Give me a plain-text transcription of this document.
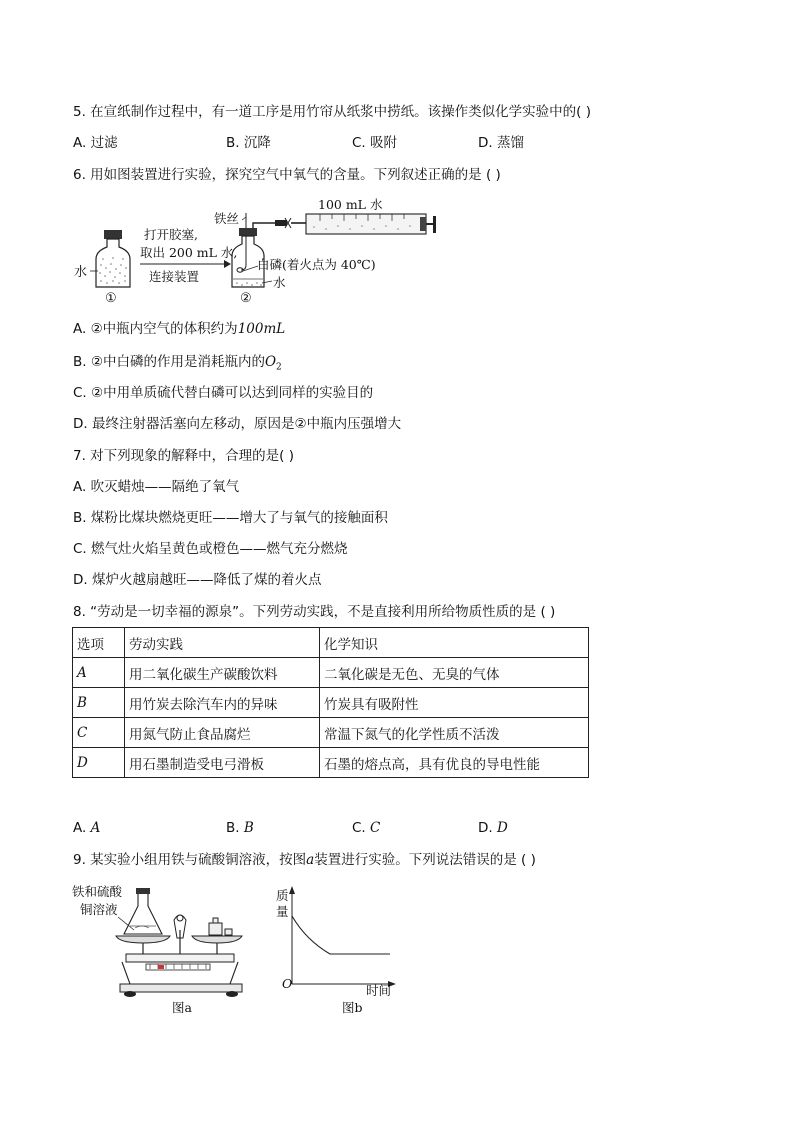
5. 在宣纸制作过程中，有一道工序是用竹帘从纸浆中捞纸。该操作类似化学实验中的( )
A. 过滤	B. 沉降	C. 吸附	D. 蒸馏
6. 用如图装置进行实验，探究空气中氧气的含量。下列叙述正确的是 ( )
水
①
打开胶塞,
取出 200 mL 水,
连接装置
铁丝
白磷(着火点为 40℃)
水
②
100 mL 水
A. ②中瓶内空气的体积约为100mL
B. ②中白磷的作用是消耗瓶内的$O_2$
C. ②中用单质硫代替白磷可以达到同样的实验目的
D. 最终注射器活塞向左移动，原因是②中瓶内压强增大
7. 对下列现象的解释中，合理的是( )
A. 吹灭蜡烛——隔绝了氧气
B. 煤粉比煤块燃烧更旺——增大了与氧气的接触面积
C. 燃气灶火焰呈黄色或橙色——燃气充分燃烧
D. 煤炉火越扇越旺——降低了煤的着火点
8. “劳动是一切幸福的源泉”。下列劳动实践，不是直接利用所给物质性质的是 ( )
选项	劳动实践	化学知识
A	用二氧化碳生产碳酸饮料	二氧化碳是无色、无臭的气体
B	用竹炭去除汽车内的异味	竹炭具有吸附性
C	用氮气防止食品腐烂	常温下氮气的化学性质不活泼
D	用石墨制造受电弓滑板	石墨的熔点高，具有优良的导电性能
A. A	B. B	C. C	D. D
9. 某实验小组用铁与硫酸铜溶液，按图a装置进行实验。下列说法错误的是 ( )
铁和硫酸
铜溶液
图a
质
量
O	时间
图b
